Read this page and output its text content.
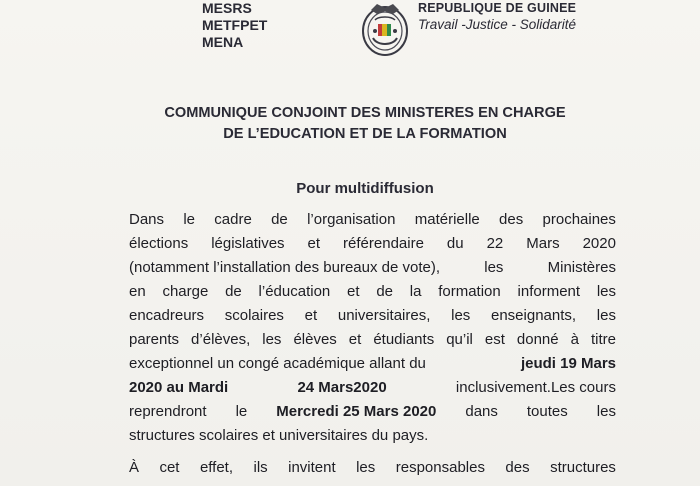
MESRS
METFPET
MENA
REPUBLIQUE DE GUINEE
Travail -Justice - Solidarité
COMMUNIQUE CONJOINT DES MINISTERES EN CHARGE
DE L’EDUCATION ET DE LA FORMATION
Pour multidiffusion
Dans le cadre de l’organisation matérielle des prochaines
élections législatives et référendaire du 22 Mars 2020
(notamment l’installation des bureaux de vote),	les	Ministères
en charge de l’éducation et de la formation informent les
encadreurs scolaires et universitaires, les enseignants, les
parents d’élèves, les élèves et étudiants qu’il est donné à titre
exceptionnel un congé académique allant du	jeudi 19 Mars
2020 au Mardi	24 Mars2020	inclusivement.Les cours
reprendront le Mercredi 25 Mars 2020 dans toutes les
structures scolaires et universitaires du pays.
À cet effet, ils invitent les responsables des structures
